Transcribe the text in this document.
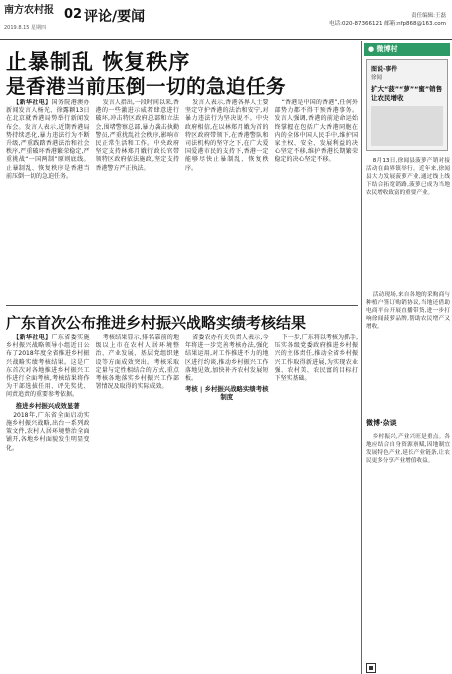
南方农村报
2019.8.15 星期四
02 评论/要闻	责任编辑:王磊
电话:020-87366121 邮箱:nfp868@163.com
止暴制乱 恢复秩序
是香港当前压倒一切的急迫任务

【新华社电】国务院港澳办新闻发言人杨光、徐露颖13日在北京就香港局势举行新闻发布会。发言人表示,近期香港局势持续恶化,暴力违法行为不断升级,严重践踏香港法治和社会秩序,严重破坏香港繁荣稳定,严重挑战“一国两制”原则底线。止暴制乱、恢复秩序是香港当前压倒一切的急迫任务。

发言人指出,一段时间以来,香港的一些激进示威者肆意进行破坏,冲击特区政府总部和立法会,围堵警察总部,暴力袭击执勤警员,严重扰乱社会秩序,影响市民正常生活和工作。中央政府坚定支持林郑月娥行政长官带领特区政府依法施政,坚定支持香港警方严正执法。

发言人表示,香港各界人士要坚定守护香港的法治和安宁,对暴力违法行为坚决说不。中央政府相信,在以林郑月娥为首的特区政府带领下,在香港警队和司法机构的坚守之下,在广大爱国爱港市民的支持下,香港一定能够尽快止暴制乱、恢复秩序。

“香港是中国的香港”,任何外部势力都不得干预香港事务。发言人强调,香港的前途命运始终掌握在包括广大香港同胞在内的全体中国人民手中,维护国家主权、安全、发展利益的决心坚定不移,维护香港长期繁荣稳定的决心坚定不移。

广东首次公布推进乡村振兴战略实绩考核结果

【新华社电】广东省委实施乡村振兴战略领导小组近日公布了2018年度全省推进乡村振兴战略实绩考核结果。这是广东首次对各地推进乡村振兴工作进行全面考核,考核结果将作为干部选拔任用、评先奖优、问责追责的重要参考依据。

推进乡村振兴成效显著

2018年,广东省全面启动实施乡村振兴战略,出台一系列政策文件,农村人居环境整治全面铺开,各地乡村面貌发生明显变化。

考核结果显示,排名靠前的地级以上市在农村人居环境整治、产业发展、基层党组织建设等方面成效突出。考核采取定量与定性相结合的方式,重点考核各地落实乡村振兴工作部署情况及取得的实际成效。

省委农办有关负责人表示,今年将进一步完善考核办法,强化结果运用,对工作推进不力的地区进行约谈,推动乡村振兴工作落地见效,加快补齐农村发展短板。

考核 | 乡村振兴战略实绩考核制度

下一步,广东将以考核为抓手,压实各级党委政府推进乡村振兴的主体责任,推动全省乡村振兴工作取得新进展,为实现农业强、农村美、农民富的目标打下坚实基础。

● 微博村
图说·事件
徐闻
扩大“菠”“萝”“蜜”销售让农民增收

8月13日,徐闻县菠萝产销对接活动在曲界镇举行。近年来,徐闻县大力发展菠萝产业,通过线上线下结合拓宽销路,菠萝已成为当地农民增收致富的重要产业。

活动现场,来自各地的采购商与种植户签订购销协议,当地还借助电商平台开展直播带货,进一步打响徐闻菠萝品牌,帮助农民增产又增收。

微博·杂谈

乡村振兴,产业兴旺是重点。各地应结合自身资源禀赋,因地制宜发展特色产业,延长产业链条,让农民更多分享产业增值收益。
